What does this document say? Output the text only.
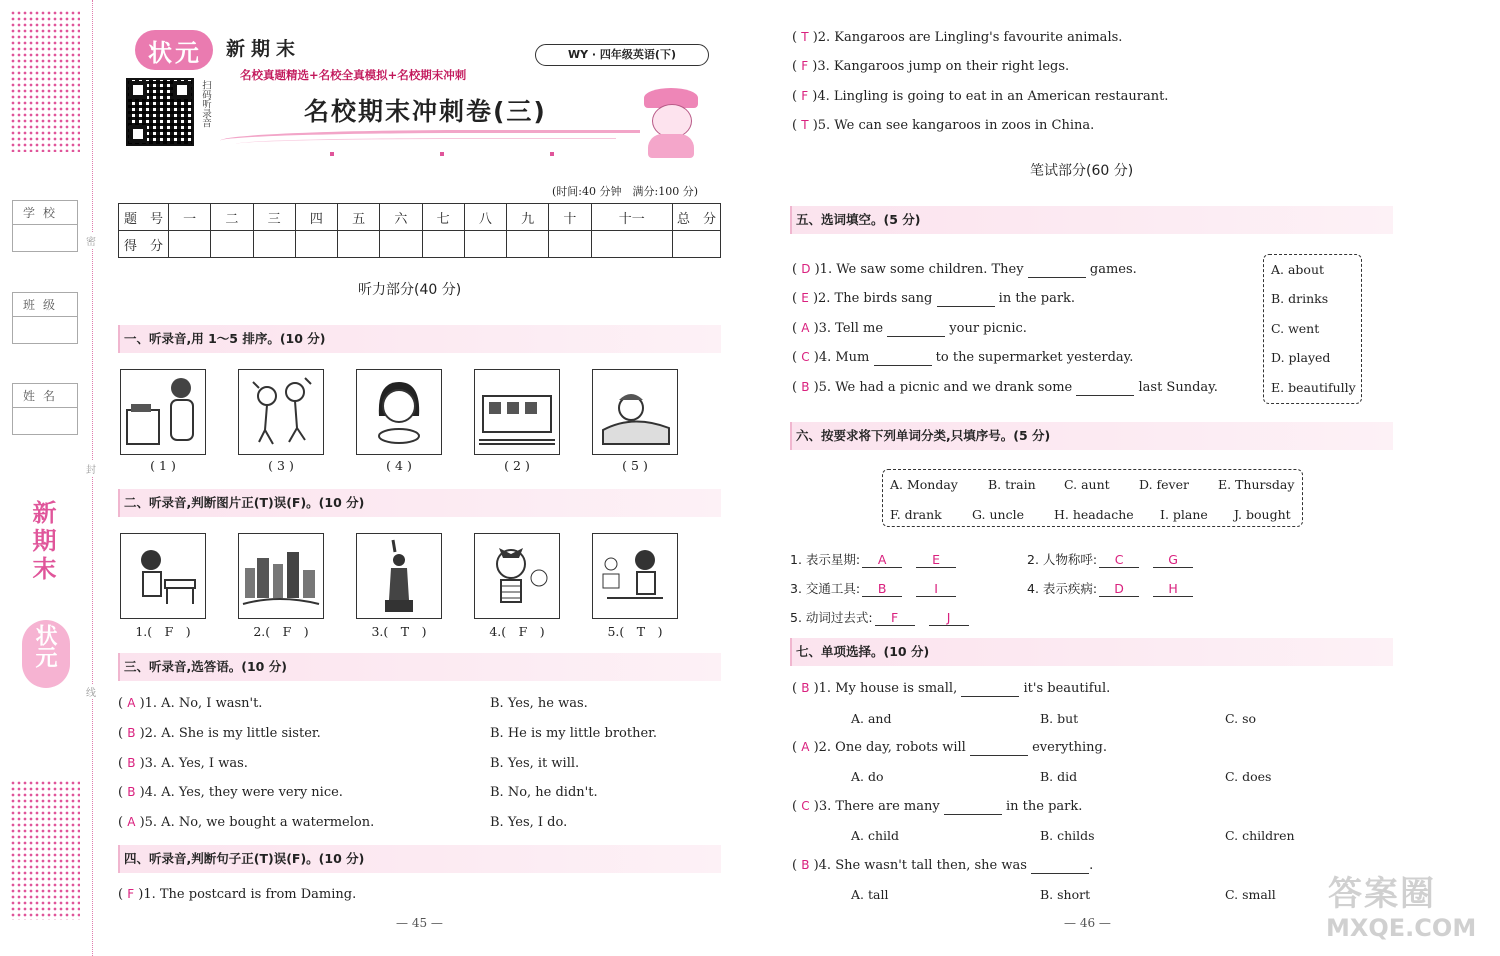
学校
班级
姓名
密
封
线
新期末
状元
状元 新期末
名校真题精选+名校全真模拟+名校期末冲刺
WY · 四年级英语(下)
扫码听录音	名校期末冲刺卷(三)
(时间:40 分钟　满分:100 分)
题　号	一	二	三	四	五	六	七	八	九	十	十一	总　分
得　分												
听力部分(40 分)
一、听录音,用 1～5 排序。(10 分)
( 1 )	( 3 )	( 4 )	( 2 )	( 5 )
二、听录音,判断图片正(T)误(F)。(10 分)
1.(　F　)	2.(　F　)	3.(　T　)	4.(　F　)	5.(　T　)
三、听录音,选答语。(10 分)
( A )1. A. No, I wasn't.	B. Yes, he was.
( B )2. A. She is my little sister.	B. He is my little brother.
( B )3. A. Yes, I was.	B. Yes, it will.
( B )4. A. Yes, they were very nice.	B. No, he didn't.
( A )5. A. No, we bought a watermelon.	B. Yes, I do.
四、听录音,判断句子正(T)误(F)。(10 分)
( F )1. The postcard is from Daming.
— 45 —
( T )2. Kangaroos are Lingling's favourite animals.
( F )3. Kangaroos jump on their right legs.
( F )4. Lingling is going to eat in an American restaurant.
( T )5. We can see kangaroos in zoos in China.
笔试部分(60 分)
五、选词填空。(5 分)
( D )1. We saw some children. They	games.
( E )2. The birds sang	in the park.
( A )3. Tell me	your picnic.
( C )4. Mum	to the supermarket yesterday.
( B )5. We had a picnic and we drank some	last Sunday.
A. about
B. drinks
C. went
D. played
E. beautifully
六、按要求将下列单词分类,只填序号。(5 分)
A. Monday B. train C. aunt D. fever E. Thursday
F. drank G. uncle H. headache I. plane J. bought
1. 表示星期: A	E	2. 人物称呼: C	G
3. 交通工具: B	I	4. 表示疾病: D	H
5. 动词过去式: F	J
七、单项选择。(10 分)
( B )1. My house is small,	it's beautiful.
A. and	B. but	C. so
( A )2. One day, robots will	everything.
A. do	B. did	C. does
( C )3. There are many	in the park.
A. child	B. childs	C. children
( B )4. She wasn't tall then, she was	.
A. tall	B. short	C. small
— 46 —
答案圈
MXQE.COM
